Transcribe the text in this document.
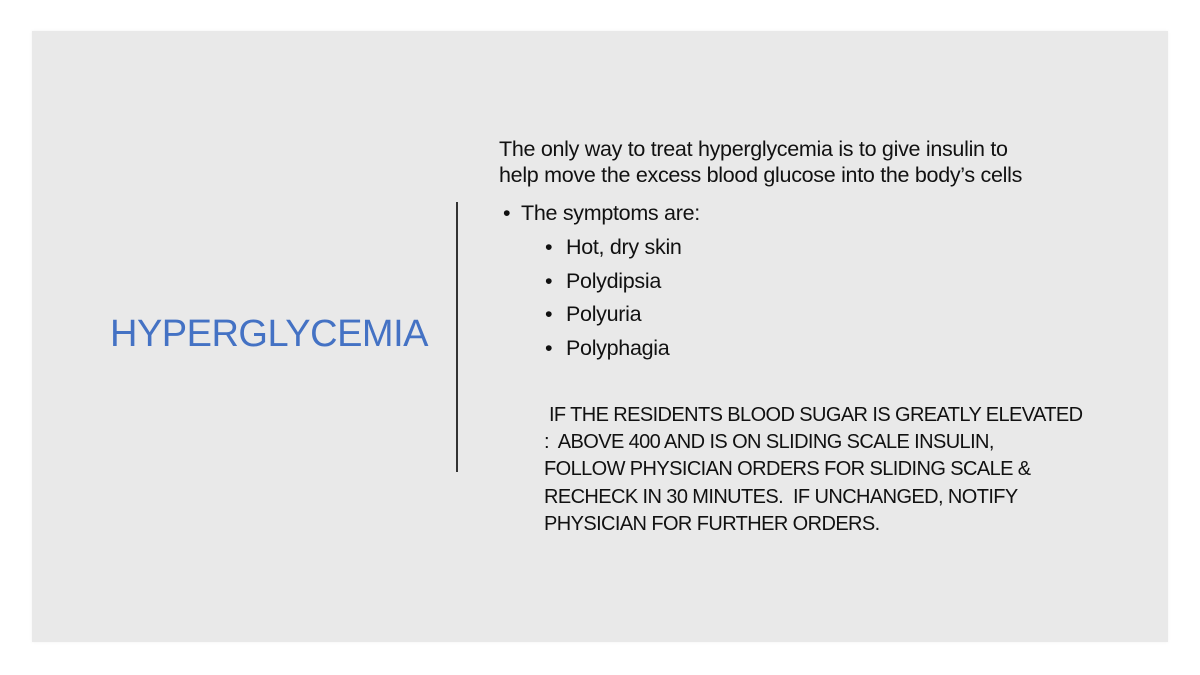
HYPERGLYCEMIA

The only way to treat hyperglycemia is to give insulin to
help move the excess blood glucose into the body’s cells

• The symptoms are:
• Hot, dry skin
• Polydipsia
• Polyuria
• Polyphagia
IF THE RESIDENTS BLOOD SUGAR IS GREATLY ELEVATED
:  ABOVE 400 AND IS ON SLIDING SCALE INSULIN,
FOLLOW PHYSICIAN ORDERS FOR SLIDING SCALE &
RECHECK IN 30 MINUTES.  IF UNCHANGED, NOTIFY
PHYSICIAN FOR FURTHER ORDERS.
